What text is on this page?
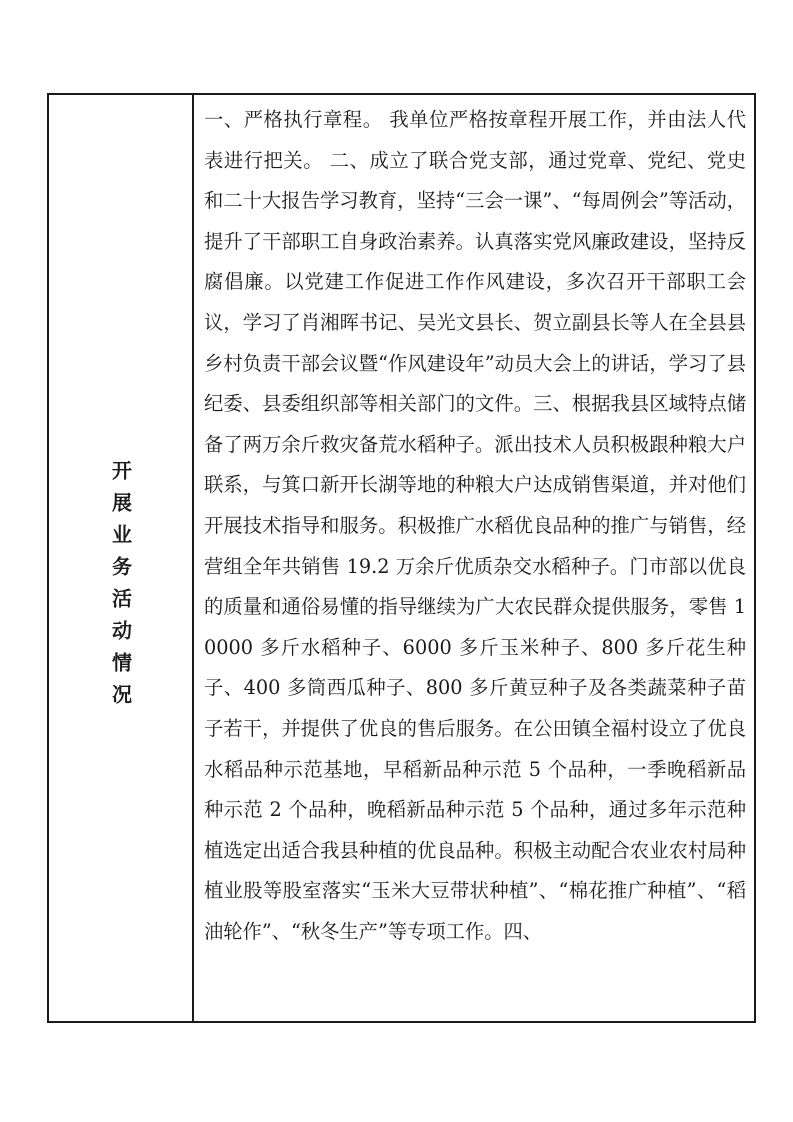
开展业务活动情况

一、严格执行章程。 我单位严格按章程开展工作，并由法人代表进行把关。 二、成立了联合党支部，通过党章、党纪、党史和二十大报告学习教育，坚持“三会一课”、“每周例会”等活动，提升了干部职工自身政治素养。认真落实党风廉政建设，坚持反腐倡廉。以党建工作促进工作作风建设，多次召开干部职工会议，学习了肖湘晖书记、吴光文县长、贺立副县长等人在全县县乡村负责干部会议暨“作风建设年”动员大会上的讲话，学习了县纪委、县委组织部等相关部门的文件。三、根据我县区域特点储备了两万余斤救灾备荒水稻种子。派出技术人员积极跟种粮大户联系，与箕口新开长湖等地的种粮大户达成销售渠道，并对他们开展技术指导和服务。积极推广水稻优良品种的推广与销售，经营组全年共销售 19.2 万余斤优质杂交水稻种子。门市部以优良的质量和通俗易懂的指导继续为广大农民群众提供服务，零售 10000 多斤水稻种子、6000 多斤玉米种子、800 多斤花生种子、400 多筒西瓜种子、800 多斤黄豆种子及各类蔬菜种子苗子若干，并提供了优良的售后服务。在公田镇全福村设立了优良水稻品种示范基地，早稻新品种示范 5 个品种，一季晚稻新品种示范 2 个品种，晚稻新品种示范 5 个品种，通过多年示范种植选定出适合我县种植的优良品种。积极主动配合农业农村局种植业股等股室落实“玉米大豆带状种植”、“棉花推广种植”、“稻油轮作”、“秋冬生产”等专项工作。四、
